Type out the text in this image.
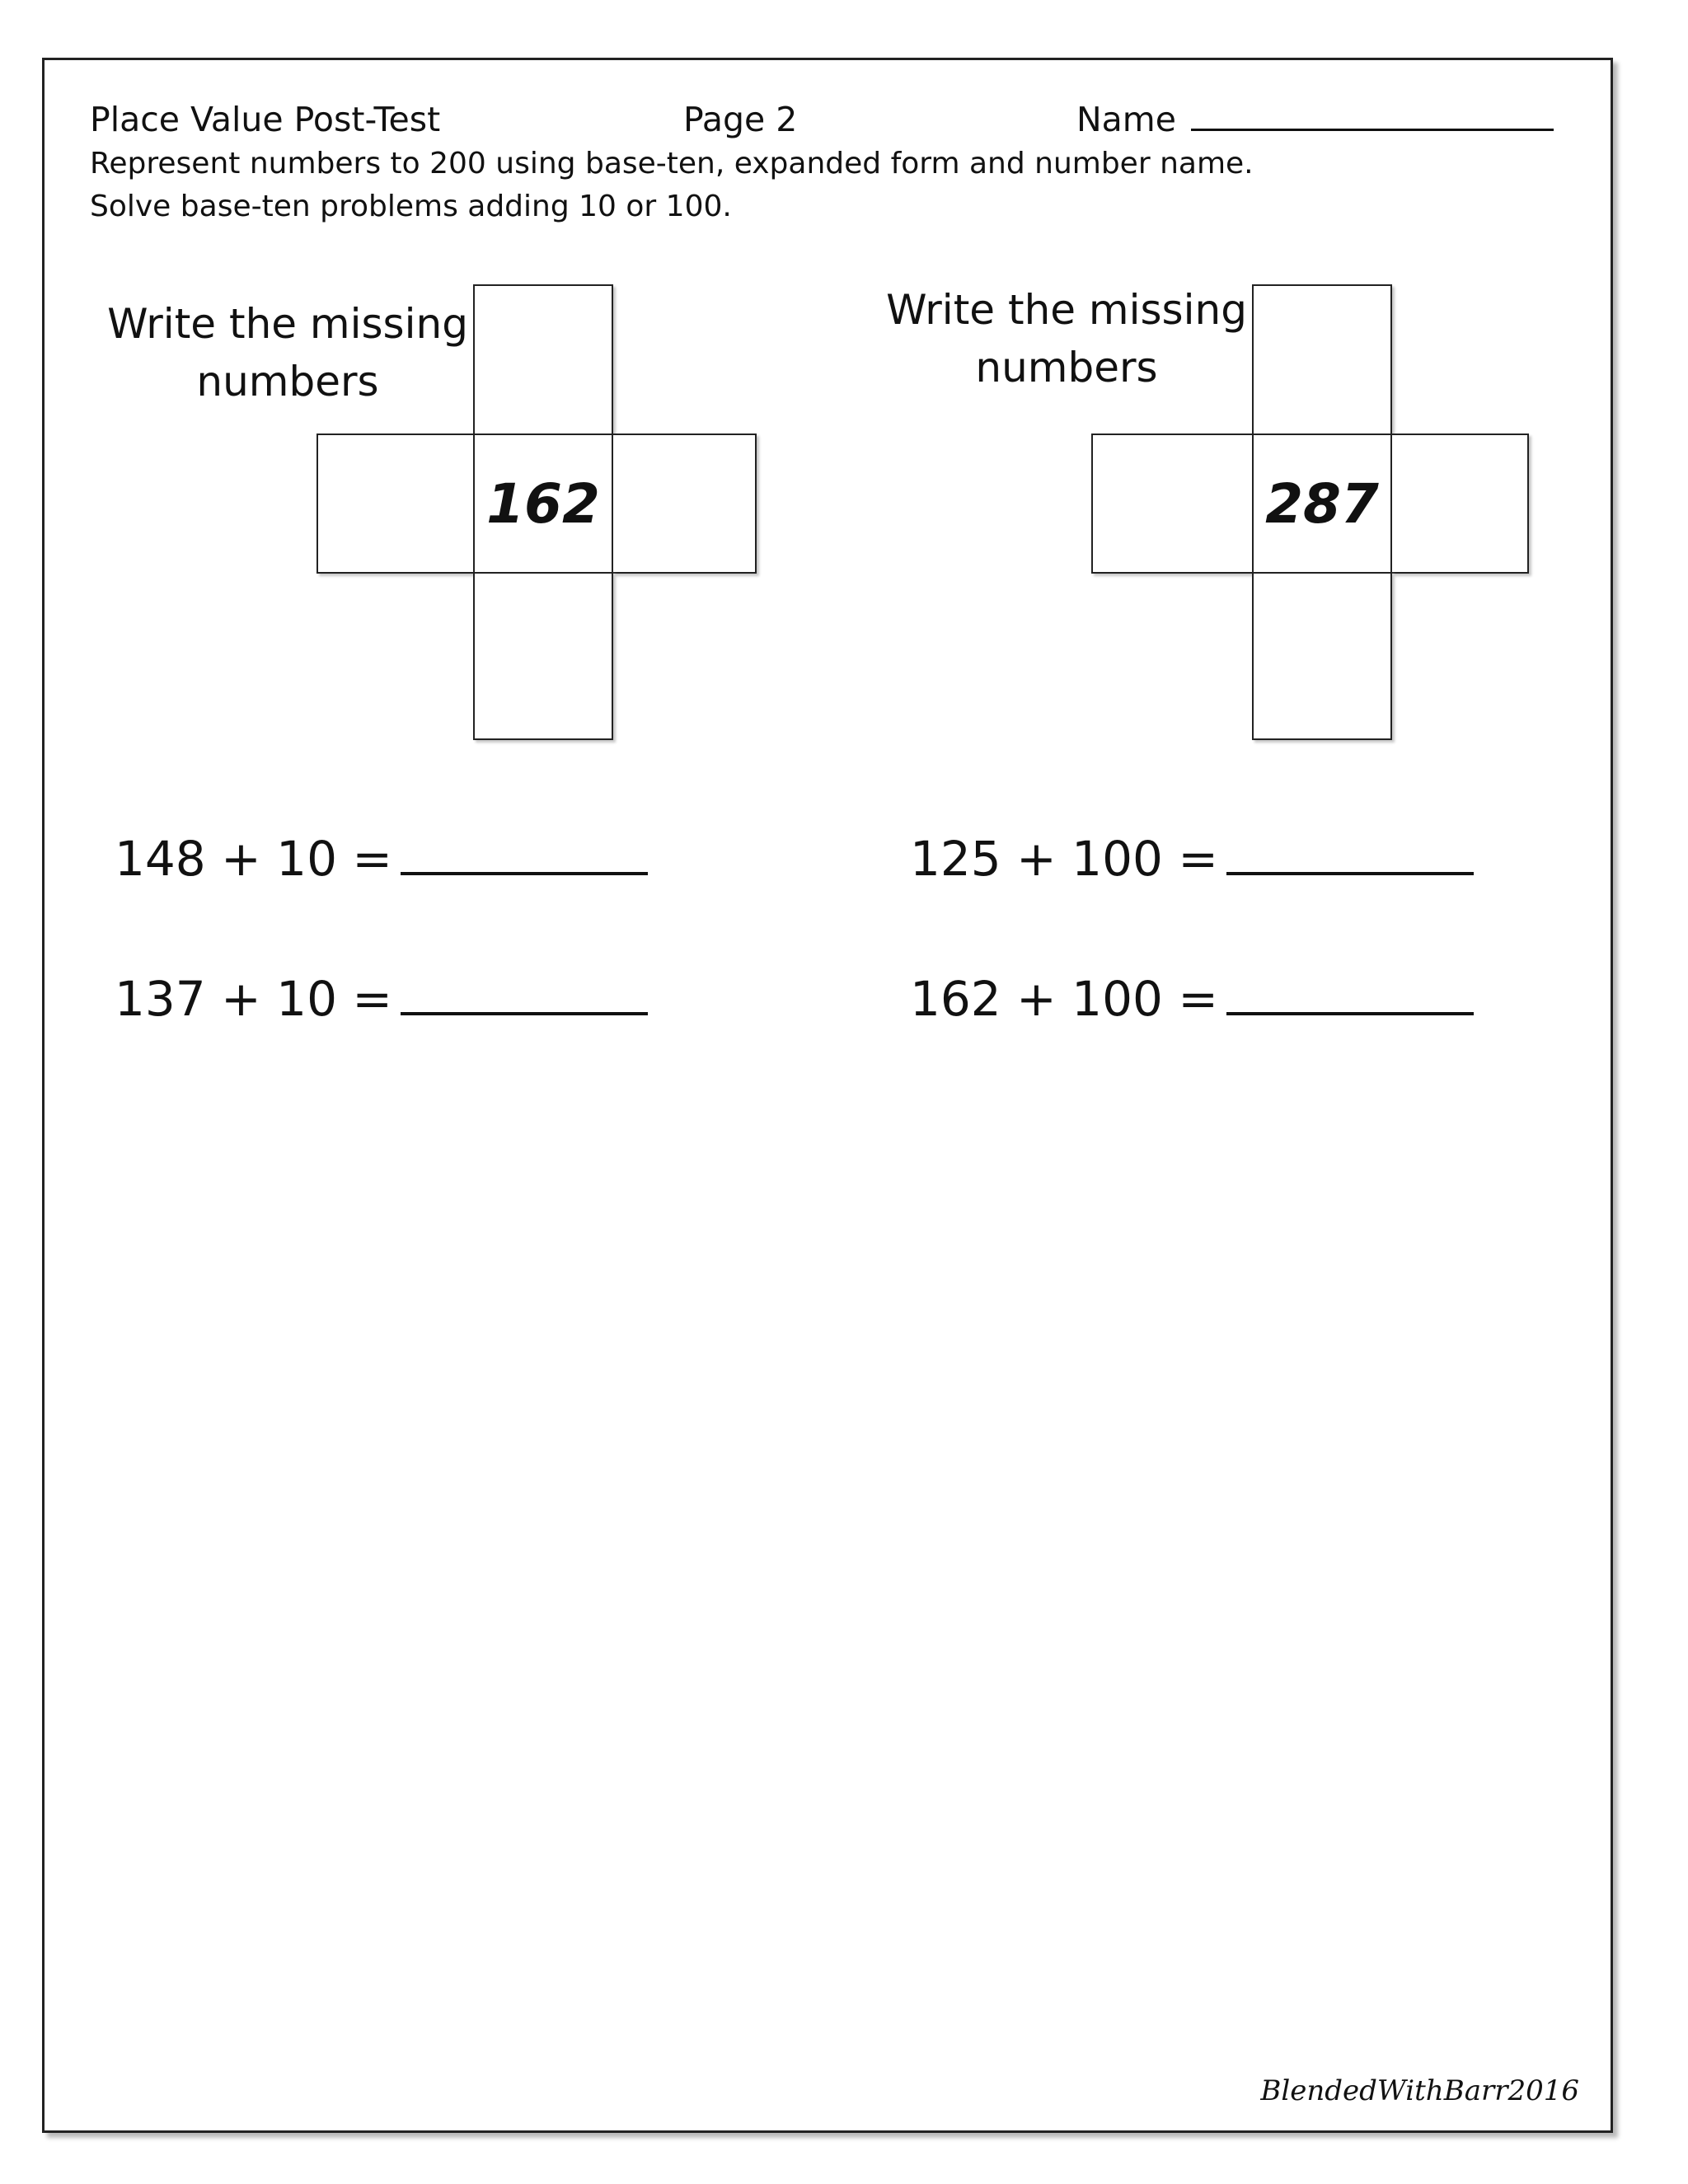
Place Value Post-Test	Page 2	Name
Represent numbers to 200 using base-ten, expanded form and number name.
Solve base-ten problems adding 10 or 100.
Write the missing
numbers
162
Write the missing
numbers
287
148 + 10 =	125 + 100 =
137 + 10 =	162 + 100 =
BlendedWithBarr2016
